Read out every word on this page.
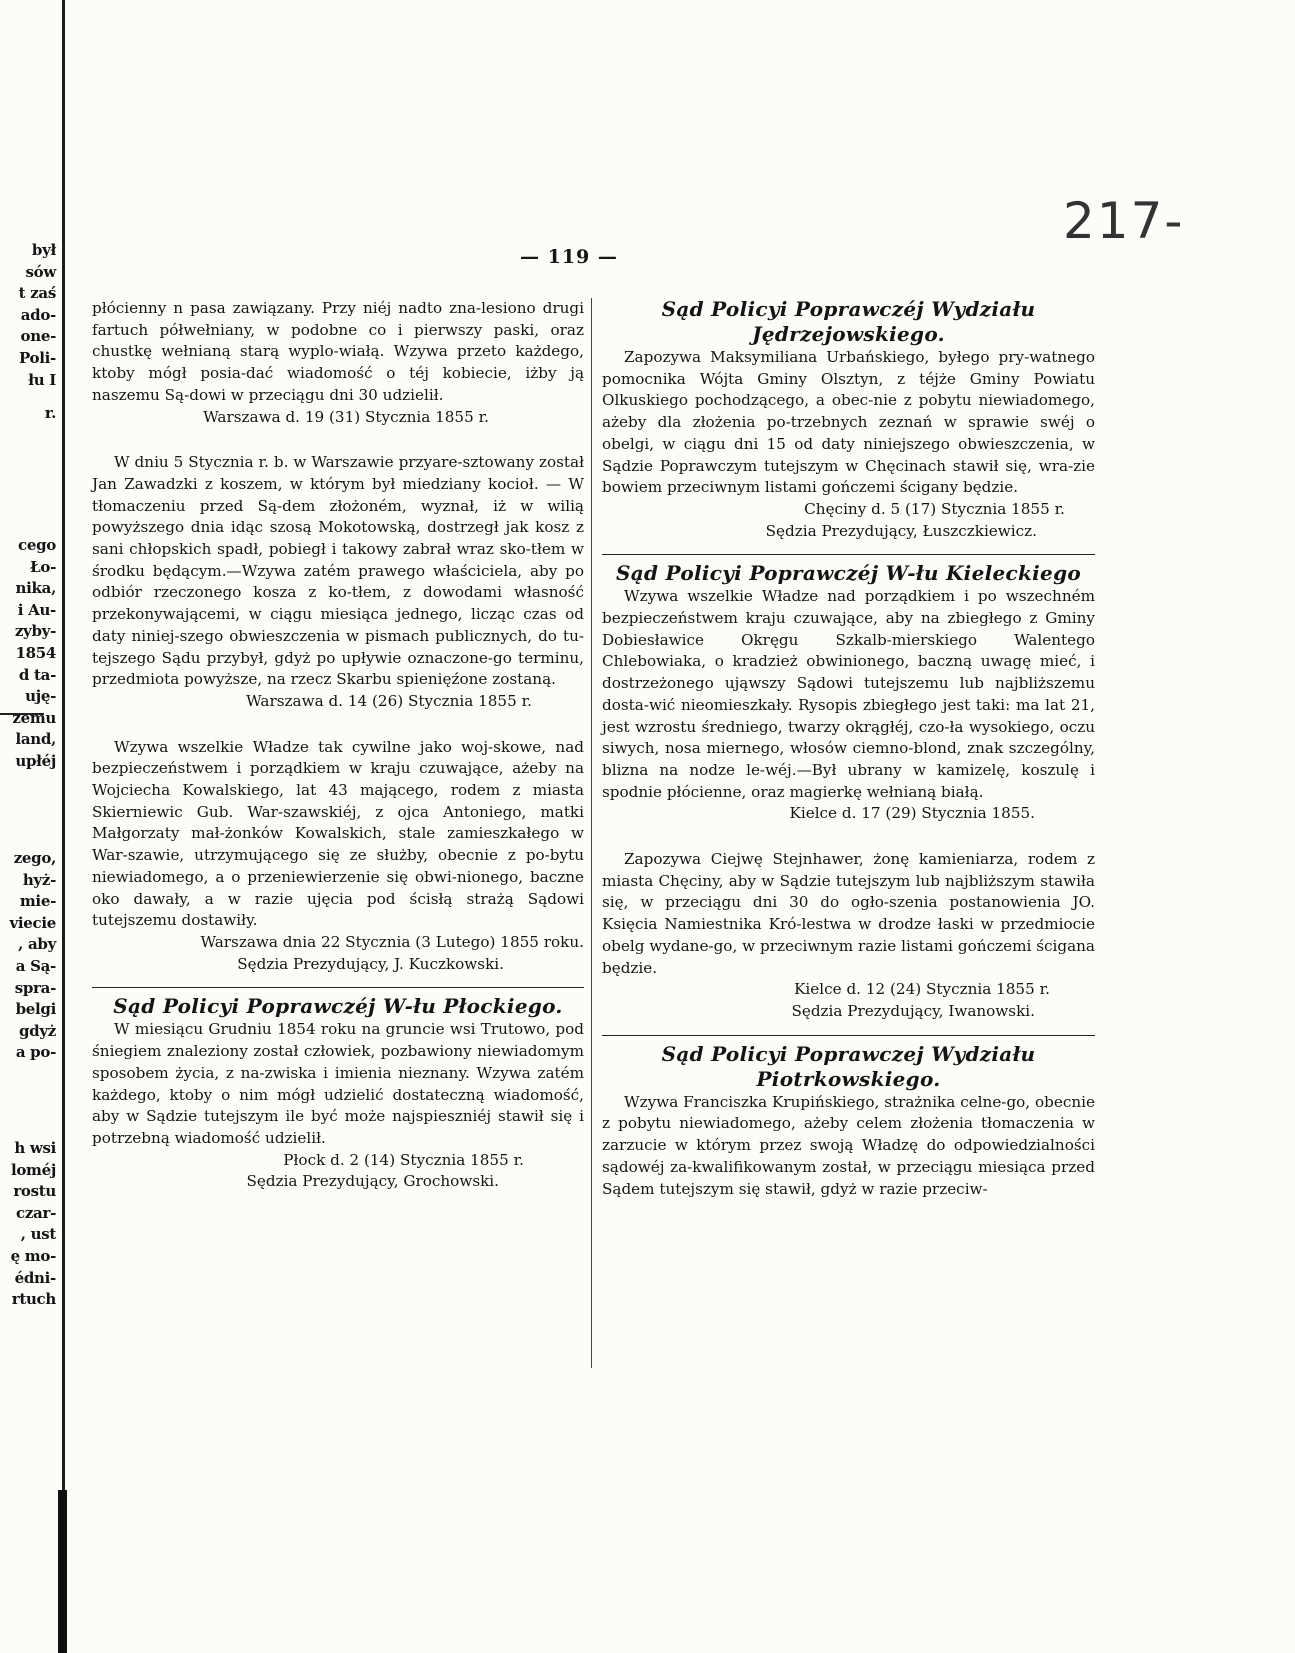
był
sów
t zaś
ado-
one-
Poli-
łu I
r.
cego
Ło-
nika,
i Au-
zyby-
1854
d ta-
uję-
zemu
land,
upłéj
zego,
hyż-
mie-
viecie
, aby
a Są-
spra-
belgi
gdyż
a po-
h wsi
loméj
rostu
czar-
, ust
ę mo-
édni-
rtuch
217-
— 119 —

płócienny n pasa zawiązany. Przy niéj nadto zna-lesiono drugi fartuch półwełniany, w podobne co i pierwszy paski, oraz chustkę wełnianą starą wyplo-wiałą. Wzywa przeto każdego, ktoby mógł posia-dać wiadomość o téj kobiecie, iżby ją naszemu Są-dowi w przeciągu dni 30 udzielił.

Warszawa d. 19 (31) Stycznia 1855 r.

W dniu 5 Stycznia r. b. w Warszawie przyare-sztowany został Jan Zawadzki z koszem, w którym był miedziany kocioł. — W tłomaczeniu przed Są-dem złożoném, wyznał, iż w wilią powyższego dnia idąc szosą Mokotowską, dostrzegł jak kosz z sani chłopskich spadł, pobiegł i takowy zabrał wraz sko-tłem w środku będącym.—Wzywa zatém prawego właściciela, aby po odbiór rzeczonego kosza z ko-tłem, z dowodami własność przekonywającemi, w ciągu miesiąca jednego, licząc czas od daty niniej-szego obwieszczenia w pismach publicznych, do tu-tejszego Sądu przybył, gdyż po upływie oznaczone-go terminu, przedmiota powyższe, na rzecz Skarbu spienięźone zostaną.

Warszawa d. 14 (26) Stycznia 1855 r.

Wzywa wszelkie Władze tak cywilne jako woj-skowe, nad bezpieczeństwem i porządkiem w kraju czuwające, ażeby na Wojciecha Kowalskiego, lat 43 mającego, rodem z miasta Skierniewic Gub. War-szawskiéj, z ojca Antoniego, matki Małgorzaty mał-żonków Kowalskich, stale zamieszkałego w War-szawie, utrzymującego się ze służby, obecnie z po-bytu niewiadomego, a o przeniewierzenie się obwi-nionego, baczne oko dawały, a w razie ujęcia pod ścisłą strażą Sądowi tutejszemu dostawiły.

Warszawa dnia 22 Stycznia (3 Lutego) 1855 roku.

Sędzia Prezydujący, J. Kuczkowski.

Sąd Policyi Poprawczéj W-łu Płockiego.

W miesiącu Grudniu 1854 roku na gruncie wsi Trutowo, pod śniegiem znaleziony został człowiek, pozbawiony niewiadomym sposobem życia, z na-zwiska i imienia nieznany. Wzywa zatém każdego, ktoby o nim mógł udzielić dostateczną wiadomość, aby w Sądzie tutejszym ile być może najspieszniéj stawił się i potrzebną wiadomość udzielił.

Płock d. 2 (14) Stycznia 1855 r.

Sędzia Prezydujący, Grochowski.

Sąd Policyi Poprawczéj Wydziału Jędrzejowskiego.

Zapozywa Maksymiliana Urbańskiego, byłego pry-watnego pomocnika Wójta Gminy Olsztyn, z téjże Gminy Powiatu Olkuskiego pochodzącego, a obec-nie z pobytu niewiadomego, ażeby dla złożenia po-trzebnych zeznań w sprawie swéj o obelgi, w ciągu dni 15 od daty niniejszego obwieszczenia, w Sądzie Poprawczym tutejszym w Chęcinach stawił się, wra-zie bowiem przeciwnym listami gończemi ścigany będzie.

Chęciny d. 5 (17) Stycznia 1855 r.

Sędzia Prezydujący, Łuszczkiewicz.

Sąd Policyi Poprawczéj W-łu Kieleckiego

Wzywa wszelkie Władze nad porządkiem i po wszechném bezpieczeństwem kraju czuwające, aby na zbiegłego z Gminy Dobiesławice Okręgu Szkalb-mierskiego Walentego Chlebowiaka, o kradzież obwinionego, baczną uwagę mieć, i dostrzeżonego ująwszy Sądowi tutejszemu lub najbliższemu dosta-wić nieomieszkały. Rysopis zbiegłego jest taki: ma lat 21, jest wzrostu średniego, twarzy okrągłéj, czo-ła wysokiego, oczu siwych, nosa miernego, włosów ciemno-blond, znak szczególny, blizna na nodze le-wéj.—Był ubrany w kamizelę, koszulę i spodnie płócienne, oraz magierkę wełnianą białą.

Kielce d. 17 (29) Stycznia 1855.

Zapozywa Ciejwę Stejnhawer, żonę kamieniarza, rodem z miasta Chęciny, aby w Sądzie tutejszym lub najbliższym stawiła się, w przeciągu dni 30 do ogło-szenia postanowienia JO. Księcia Namiestnika Kró-lestwa w drodze łaski w przedmiocie obelg wydane-go, w przeciwnym razie listami gończemi ścigana będzie.

Kielce d. 12 (24) Stycznia 1855 r.

Sędzia Prezydujący, Iwanowski.

Sąd Policyi Poprawczej Wydziału Piotrkowskiego.

Wzywa Franciszka Krupińskiego, strażnika celne-go, obecnie z pobytu niewiadomego, ażeby celem złożenia tłomaczenia w zarzucie w którym przez swoją Władzę do odpowiedzialności sądowéj za-kwalifikowanym został, w przeciągu miesiąca przed Sądem tutejszym się stawił, gdyż w razie przeciw-
